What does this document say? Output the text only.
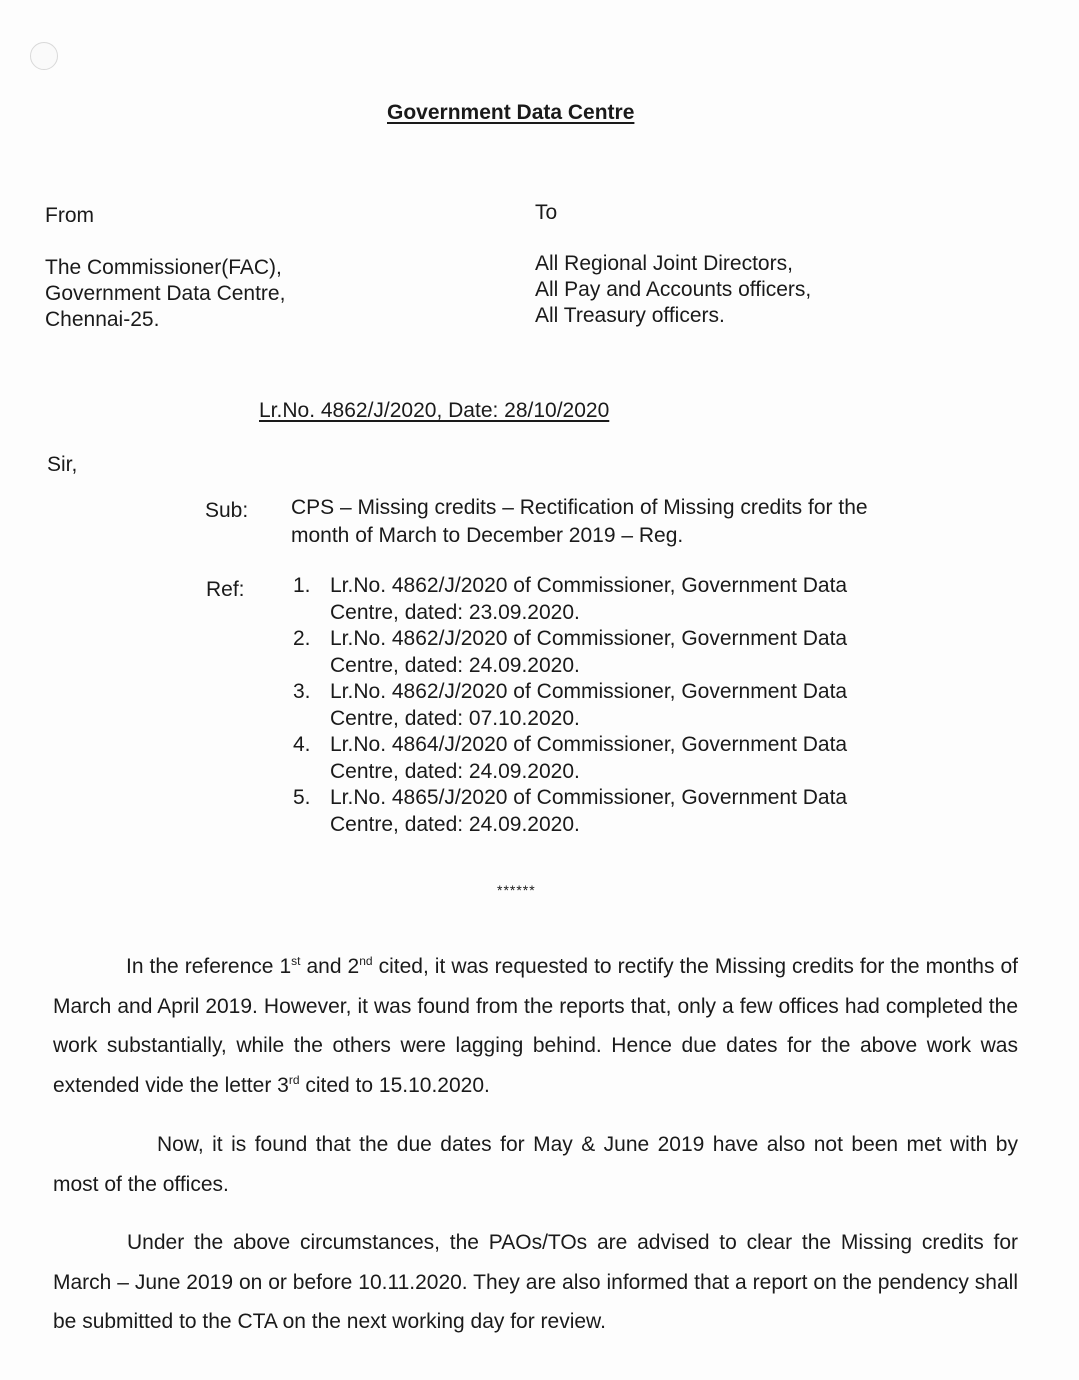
Government Data Centre
From
The Commissioner(FAC),
Government Data Centre,
Chennai-25.
To
All Regional Joint Directors,
All Pay and Accounts officers,
All Treasury officers.
Lr.No. 4862/J/2020, Date: 28/10/2020
Sir,
Sub: CPS – Missing credits – Rectification of Missing credits for the
month of March to December 2019 – Reg.
Ref: 1. Lr.No. 4862/J/2020 of Commissioner, Government Data
Centre, dated: 23.09.2020.
2. Lr.No. 4862/J/2020 of Commissioner, Government Data
Centre, dated: 24.09.2020.
3. Lr.No. 4862/J/2020 of Commissioner, Government Data
Centre, dated: 07.10.2020.
4. Lr.No. 4864/J/2020 of Commissioner, Government Data
Centre, dated: 24.09.2020.
5. Lr.No. 4865/J/2020 of Commissioner, Government Data
Centre, dated: 24.09.2020.
******

In the reference 1st and 2nd cited, it was requested to rectify the Missing credits for the months of March and April 2019. However, it was found from the reports that, only a few offices had completed the work substantially, while the others were lagging behind. Hence due dates for the above work was extended vide the letter 3rd cited to 15.10.2020.

Now, it is found that the due dates for May & June 2019 have also not been met with by most of the offices.

Under the above circumstances, the PAOs/TOs are advised to clear the Missing credits for March – June 2019 on or before 10.11.2020. They are also informed that a report on the pendency shall be submitted to the CTA on the next working day for review.
